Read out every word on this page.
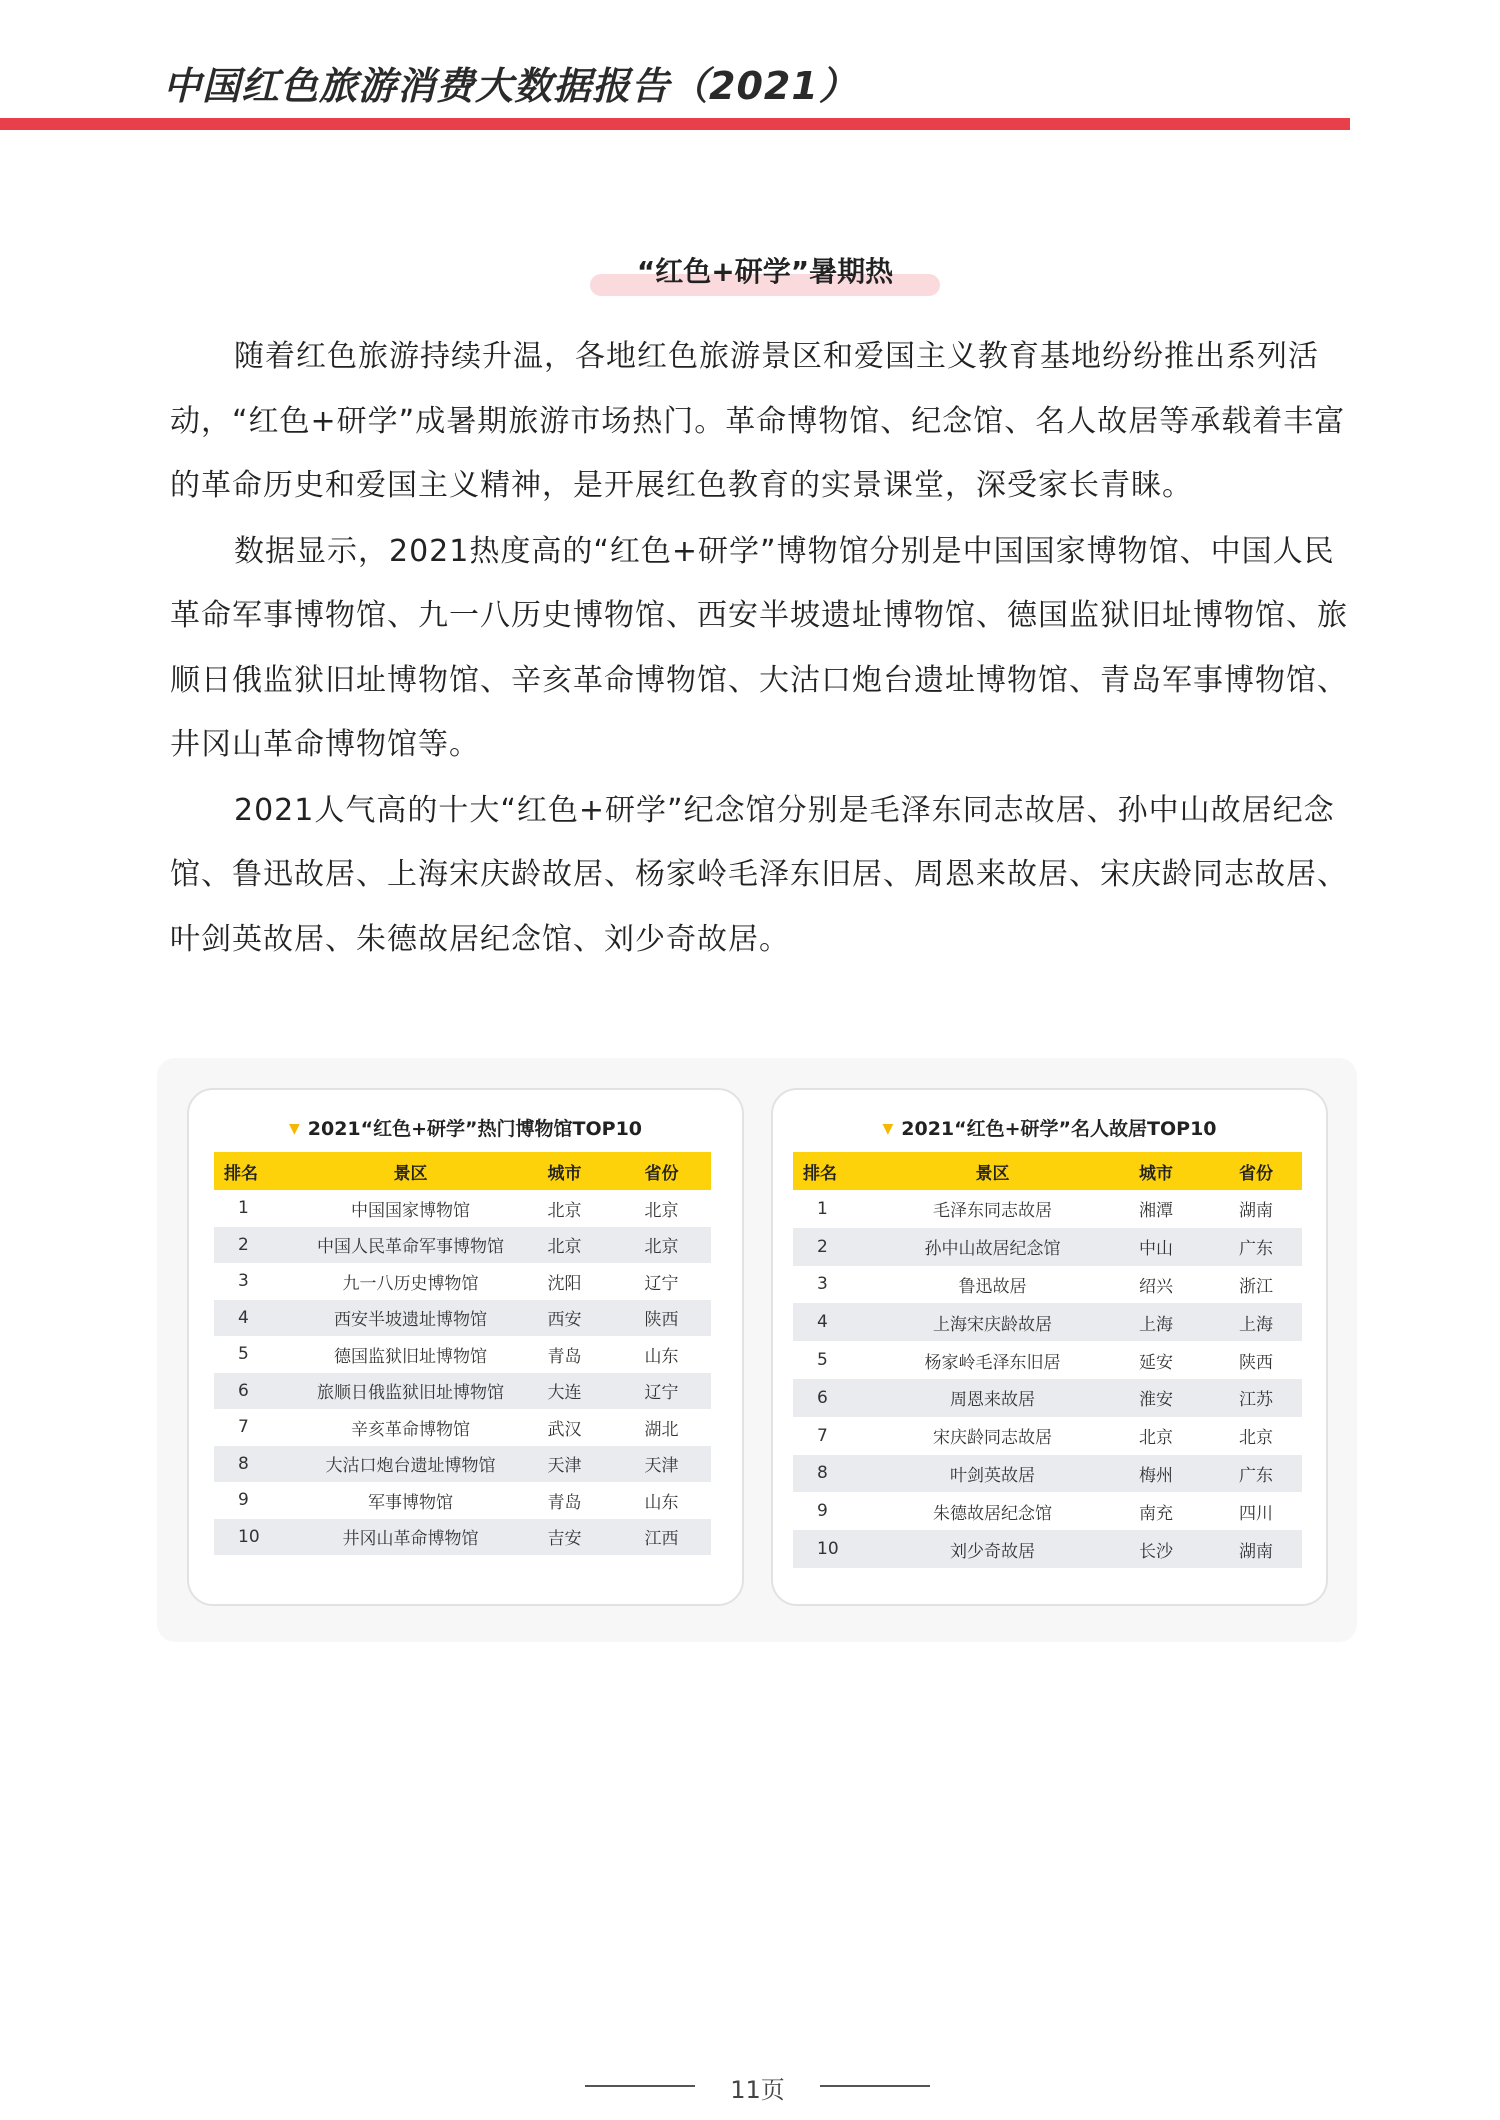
中国红色旅游消费大数据报告（2021）
“红色+研学”暑期热

随着红色旅游持续升温，各地红色旅游景区和爱国主义教育基地纷纷推出系列活动，“红色+研学”成暑期旅游市场热门。革命博物馆、纪念馆、名人故居等承载着丰富的革命历史和爱国主义精神，是开展红色教育的实景课堂，深受家长青睐。

数据显示，2021热度高的“红色+研学”博物馆分别是中国国家博物馆、中国人民革命军事博物馆、九一八历史博物馆、西安半坡遗址博物馆、德国监狱旧址博物馆、旅顺日俄监狱旧址博物馆、辛亥革命博物馆、大沽口炮台遗址博物馆、青岛军事博物馆、井冈山革命博物馆等。

2021人气高的十大“红色+研学”纪念馆分别是毛泽东同志故居、孙中山故居纪念馆、鲁迅故居、上海宋庆龄故居、杨家岭毛泽东旧居、周恩来故居、宋庆龄同志故居、叶剑英故居、朱德故居纪念馆、刘少奇故居。

▼ 2021“红色+研学”热门博物馆TOP10
排名	景区	城市	省份
1	中国国家博物馆	北京	北京
2	中国人民革命军事博物馆	北京	北京
3	九一八历史博物馆	沈阳	辽宁
4	西安半坡遗址博物馆	西安	陕西
5	德国监狱旧址博物馆	青岛	山东
6	旅顺日俄监狱旧址博物馆	大连	辽宁
7	辛亥革命博物馆	武汉	湖北
8	大沽口炮台遗址博物馆	天津	天津
9	军事博物馆	青岛	山东
10	井冈山革命博物馆	吉安	江西
▼ 2021“红色+研学”名人故居TOP10
排名	景区	城市	省份
1	毛泽东同志故居	湘潭	湖南
2	孙中山故居纪念馆	中山	广东
3	鲁迅故居	绍兴	浙江
4	上海宋庆龄故居	上海	上海
5	杨家岭毛泽东旧居	延安	陕西
6	周恩来故居	淮安	江苏
7	宋庆龄同志故居	北京	北京
8	叶剑英故居	梅州	广东
9	朱德故居纪念馆	南充	四川
10	刘少奇故居	长沙	湖南
11页
